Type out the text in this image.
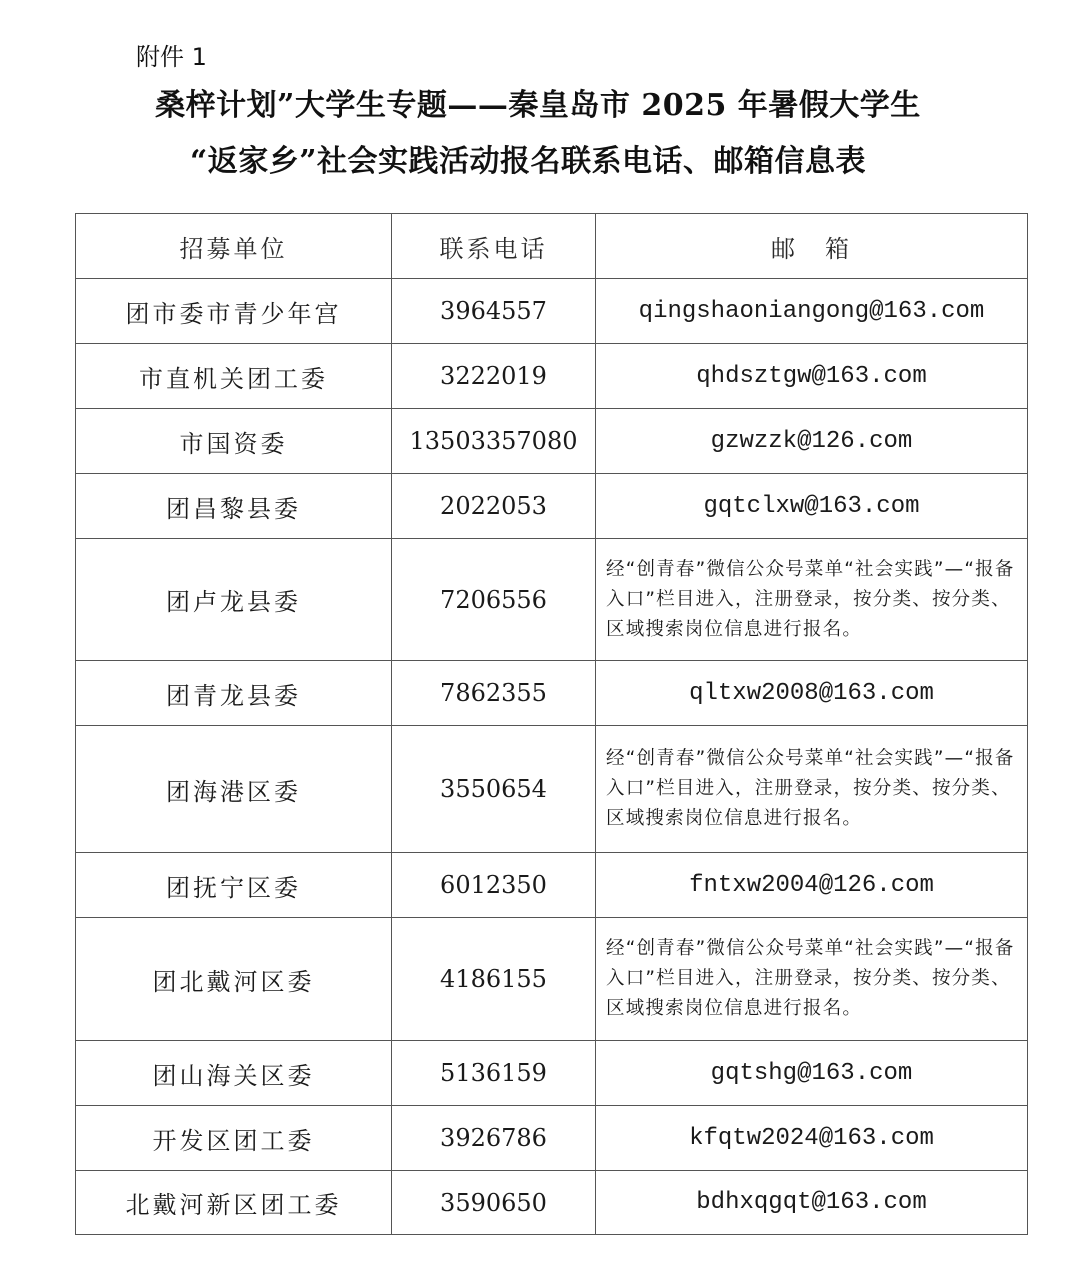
附件 1
桑梓计划”大学生专题——秦皇岛市 2025 年暑假大学生
“返家乡”社会实践活动报名联系电话、邮箱信息表
招募单位	联系电话	邮　箱
团市委市青少年宫	3964557	qingshaoniangong@163.com
市直机关团工委	3222019	qhdsztgw@163.com
市国资委	13503357080	gzwzzk@126.com
团昌黎县委	2022053	gqtclxw@163.com
团卢龙县委	7206556	经“创青春”微信公众号菜单“社会实践”—“报备入口”栏目进入，注册登录，按分类、按分类、区域搜索岗位信息进行报名。
团青龙县委	7862355	qltxw2008@163.com
团海港区委	3550654	经“创青春”微信公众号菜单“社会实践”—“报备入口”栏目进入，注册登录，按分类、按分类、区域搜索岗位信息进行报名。
团抚宁区委	6012350	fntxw2004@126.com
团北戴河区委	4186155	经“创青春”微信公众号菜单“社会实践”—“报备入口”栏目进入，注册登录，按分类、按分类、区域搜索岗位信息进行报名。
团山海关区委	5136159	gqtshg@163.com
开发区团工委	3926786	kfqtw2024@163.com
北戴河新区团工委	3590650	bdhxqgqt@163.com
